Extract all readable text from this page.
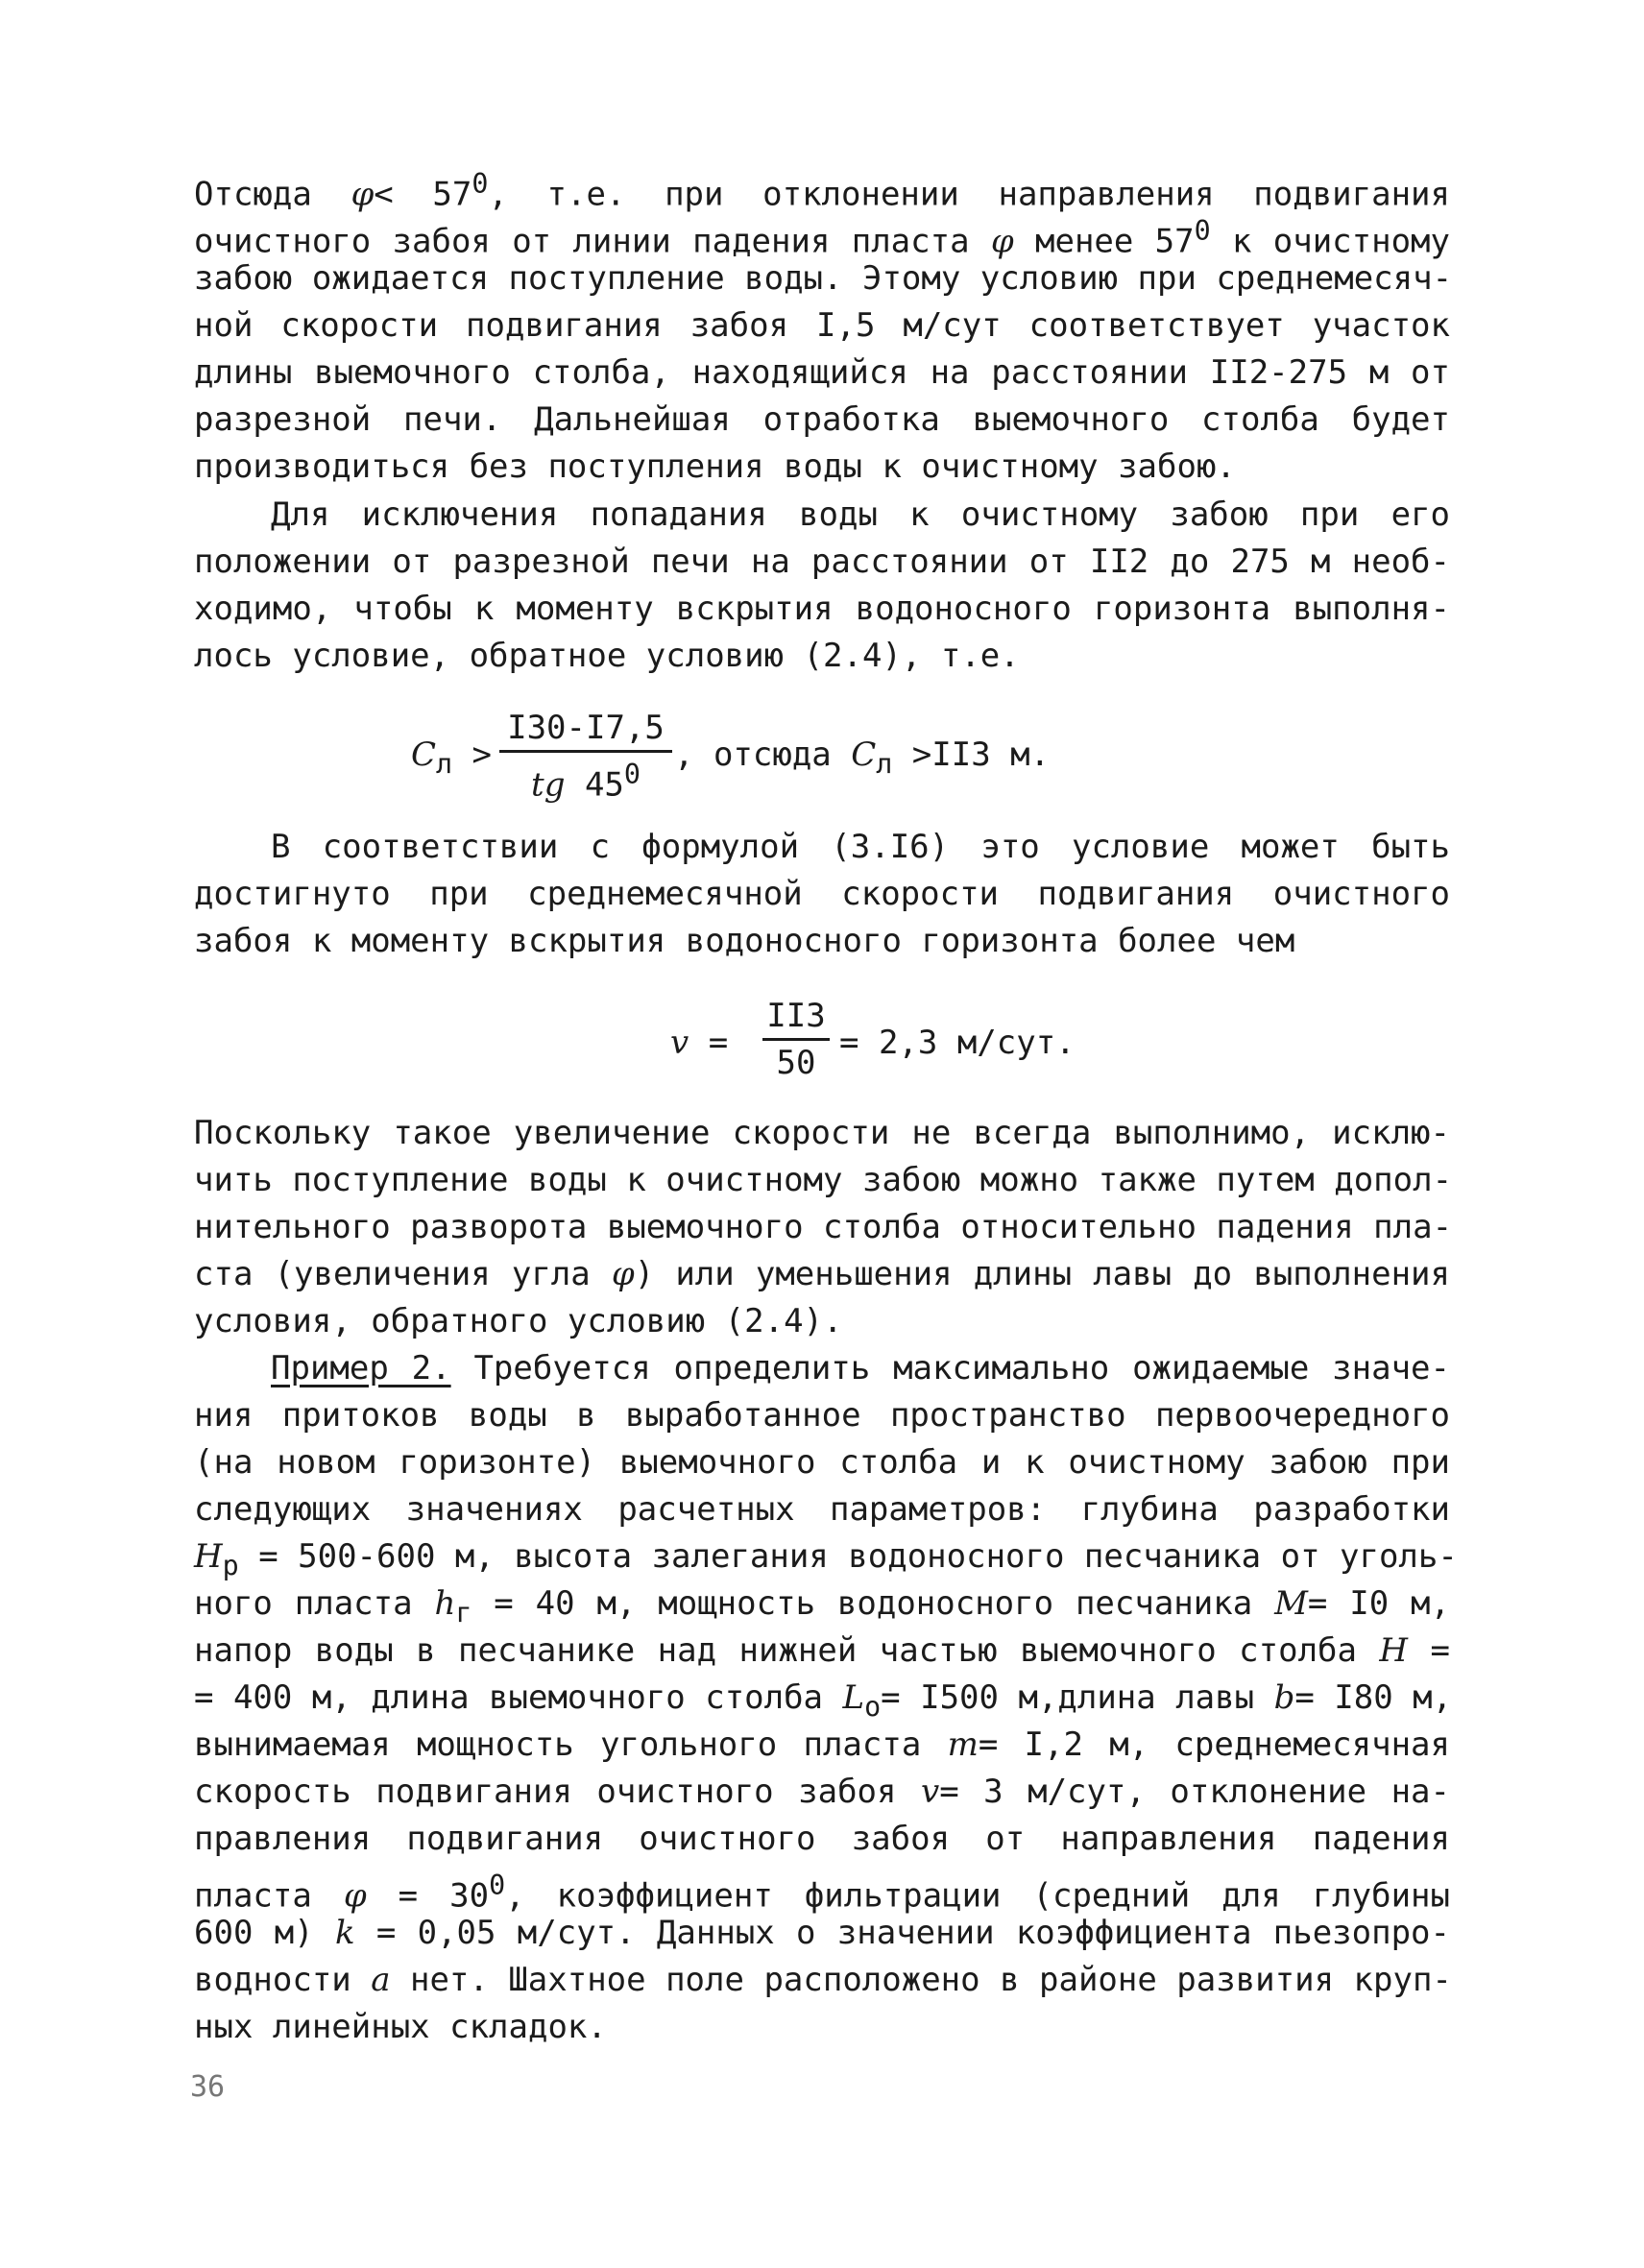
Отсюда $\varphi< 57^0$, т.е. при отклонении направления подвигания
очистного забоя от линии падения пласта φ менее $57^0$ к очистному
забою ожидается поступление воды. Этому условию при среднемесяч-
ной скорости подвигания забоя I,5 м/сут соответствует участок
длины выемочного столба, находящийся на расстоянии II2-275 м от
разрезной печи. Дальнейшая отработка выемочного столба будет
производиться без поступления воды к очистному забою.
Для исключения попадания воды к очистному забою при его
положении от разрезной печи на расстоянии от II2 до 275 м необ-
ходимо, чтобы к моменту вскрытия водоносного горизонта выполня-
лось условие, обратное условию (2.4), т.е.
$С_л$ >
I30-I7,5
tg $45^0$
, отсюда $С_л >II3$ м.
В соответствии с формулой (3.I6) это условие может быть
достигнуто при среднемесячной скорости подвигания очистного
забоя к моменту вскрытия водоносного горизонта более чем
v =
II3
50
= 2,3 м/сут.
Поскольку такое увеличение скорости не всегда выполнимо, исклю-
чить поступление воды к очистному забою можно также путем допол-
нительного разворота выемочного столба относительно падения пла-
ста (увеличения угла φ) или уменьшения длины лавы до выполнения
условия, обратного условию (2.4).
Пример 2. Требуется определить максимально ожидаемые значе-
ния притоков воды в выработанное пространство первоочередного
(на новом горизонте) выемочного столба и к очистному забою при
следующих значениях расчетных параметров: глубина разработки
$Н_р = 500-600$ м, высота залегания водоносного песчаника от уголь-
ного пласта $h_г = 40$ м, мощность водоносного песчаника М= I0 м,
напор воды в песчанике над нижней частью выемочного столба Н =
= 400 м, длина выемочного столба $L_о= I500$ м,длина лавы b= I80 м,
вынимаемая мощность угольного пласта m= I,2 м, среднемесячная
скорость подвигания очистного забоя v= 3 м/сут, отклонение на-
правления подвигания очистного забоя от направления падения
пласта $\varphi = 30^0$, коэффициент фильтрации (средний для глубины
600 м) k = 0,05 м/сут. Данных о значении коэффициента пьезопро-
водности а нет. Шахтное поле расположено в районе развития круп-
ных линейных складок.
36
